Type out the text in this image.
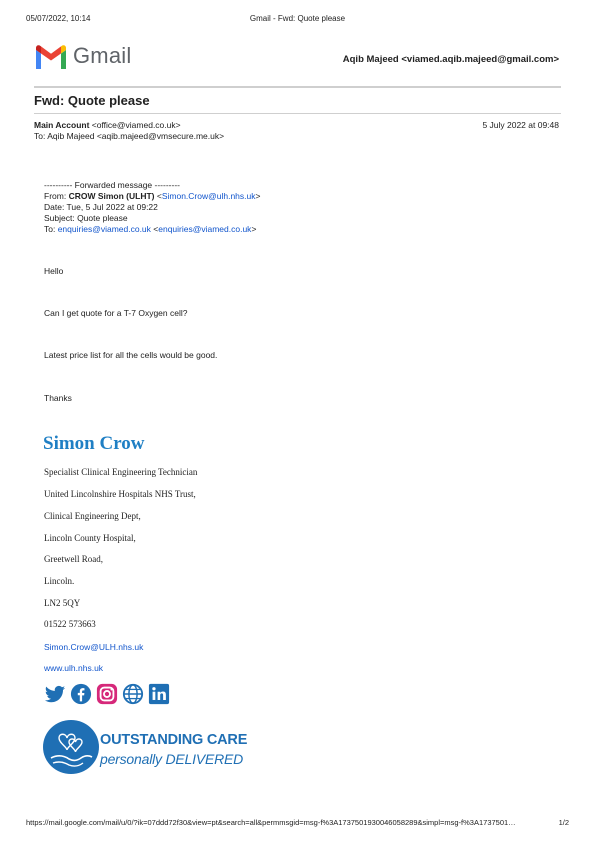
05/07/2022, 10:14	Gmail - Fwd: Quote please
Gmail	Aqib Majeed <viamed.aqib.majeed@gmail.com>
Fwd: Quote please
Main Account <office@viamed.co.uk>
To: Aqib Majeed <aqib.majeed@vmsecure.me.uk>
5 July 2022 at 09:48
---------- Forwarded message ---------
From: CROW Simon (ULHT) <Simon.Crow@ulh.nhs.uk>
Date: Tue, 5 Jul 2022 at 09:22
Subject: Quote please
To: enquiries@viamed.co.uk <enquiries@viamed.co.uk>
Hello
Can I get quote for a T-7 Oxygen cell?
Latest price list for all the cells would be good.
Thanks
Simon Crow
Specialist Clinical Engineering Technician
United Lincolnshire Hospitals NHS Trust,
Clinical Engineering Dept,
Lincoln County Hospital,
Greetwell Road,
Lincoln.
LN2 5QY
01522 573663
Simon.Crow@ULH.nhs.uk
www.ulh.nhs.uk
OUTSTANDING CARE
personally DELIVERED
https://mail.google.com/mail/u/0/?ik=07ddd72f30&view=pt&search=all&permmsgid=msg-f%3A1737501930046058289&simpl=msg-f%3A1737501…	1/2
